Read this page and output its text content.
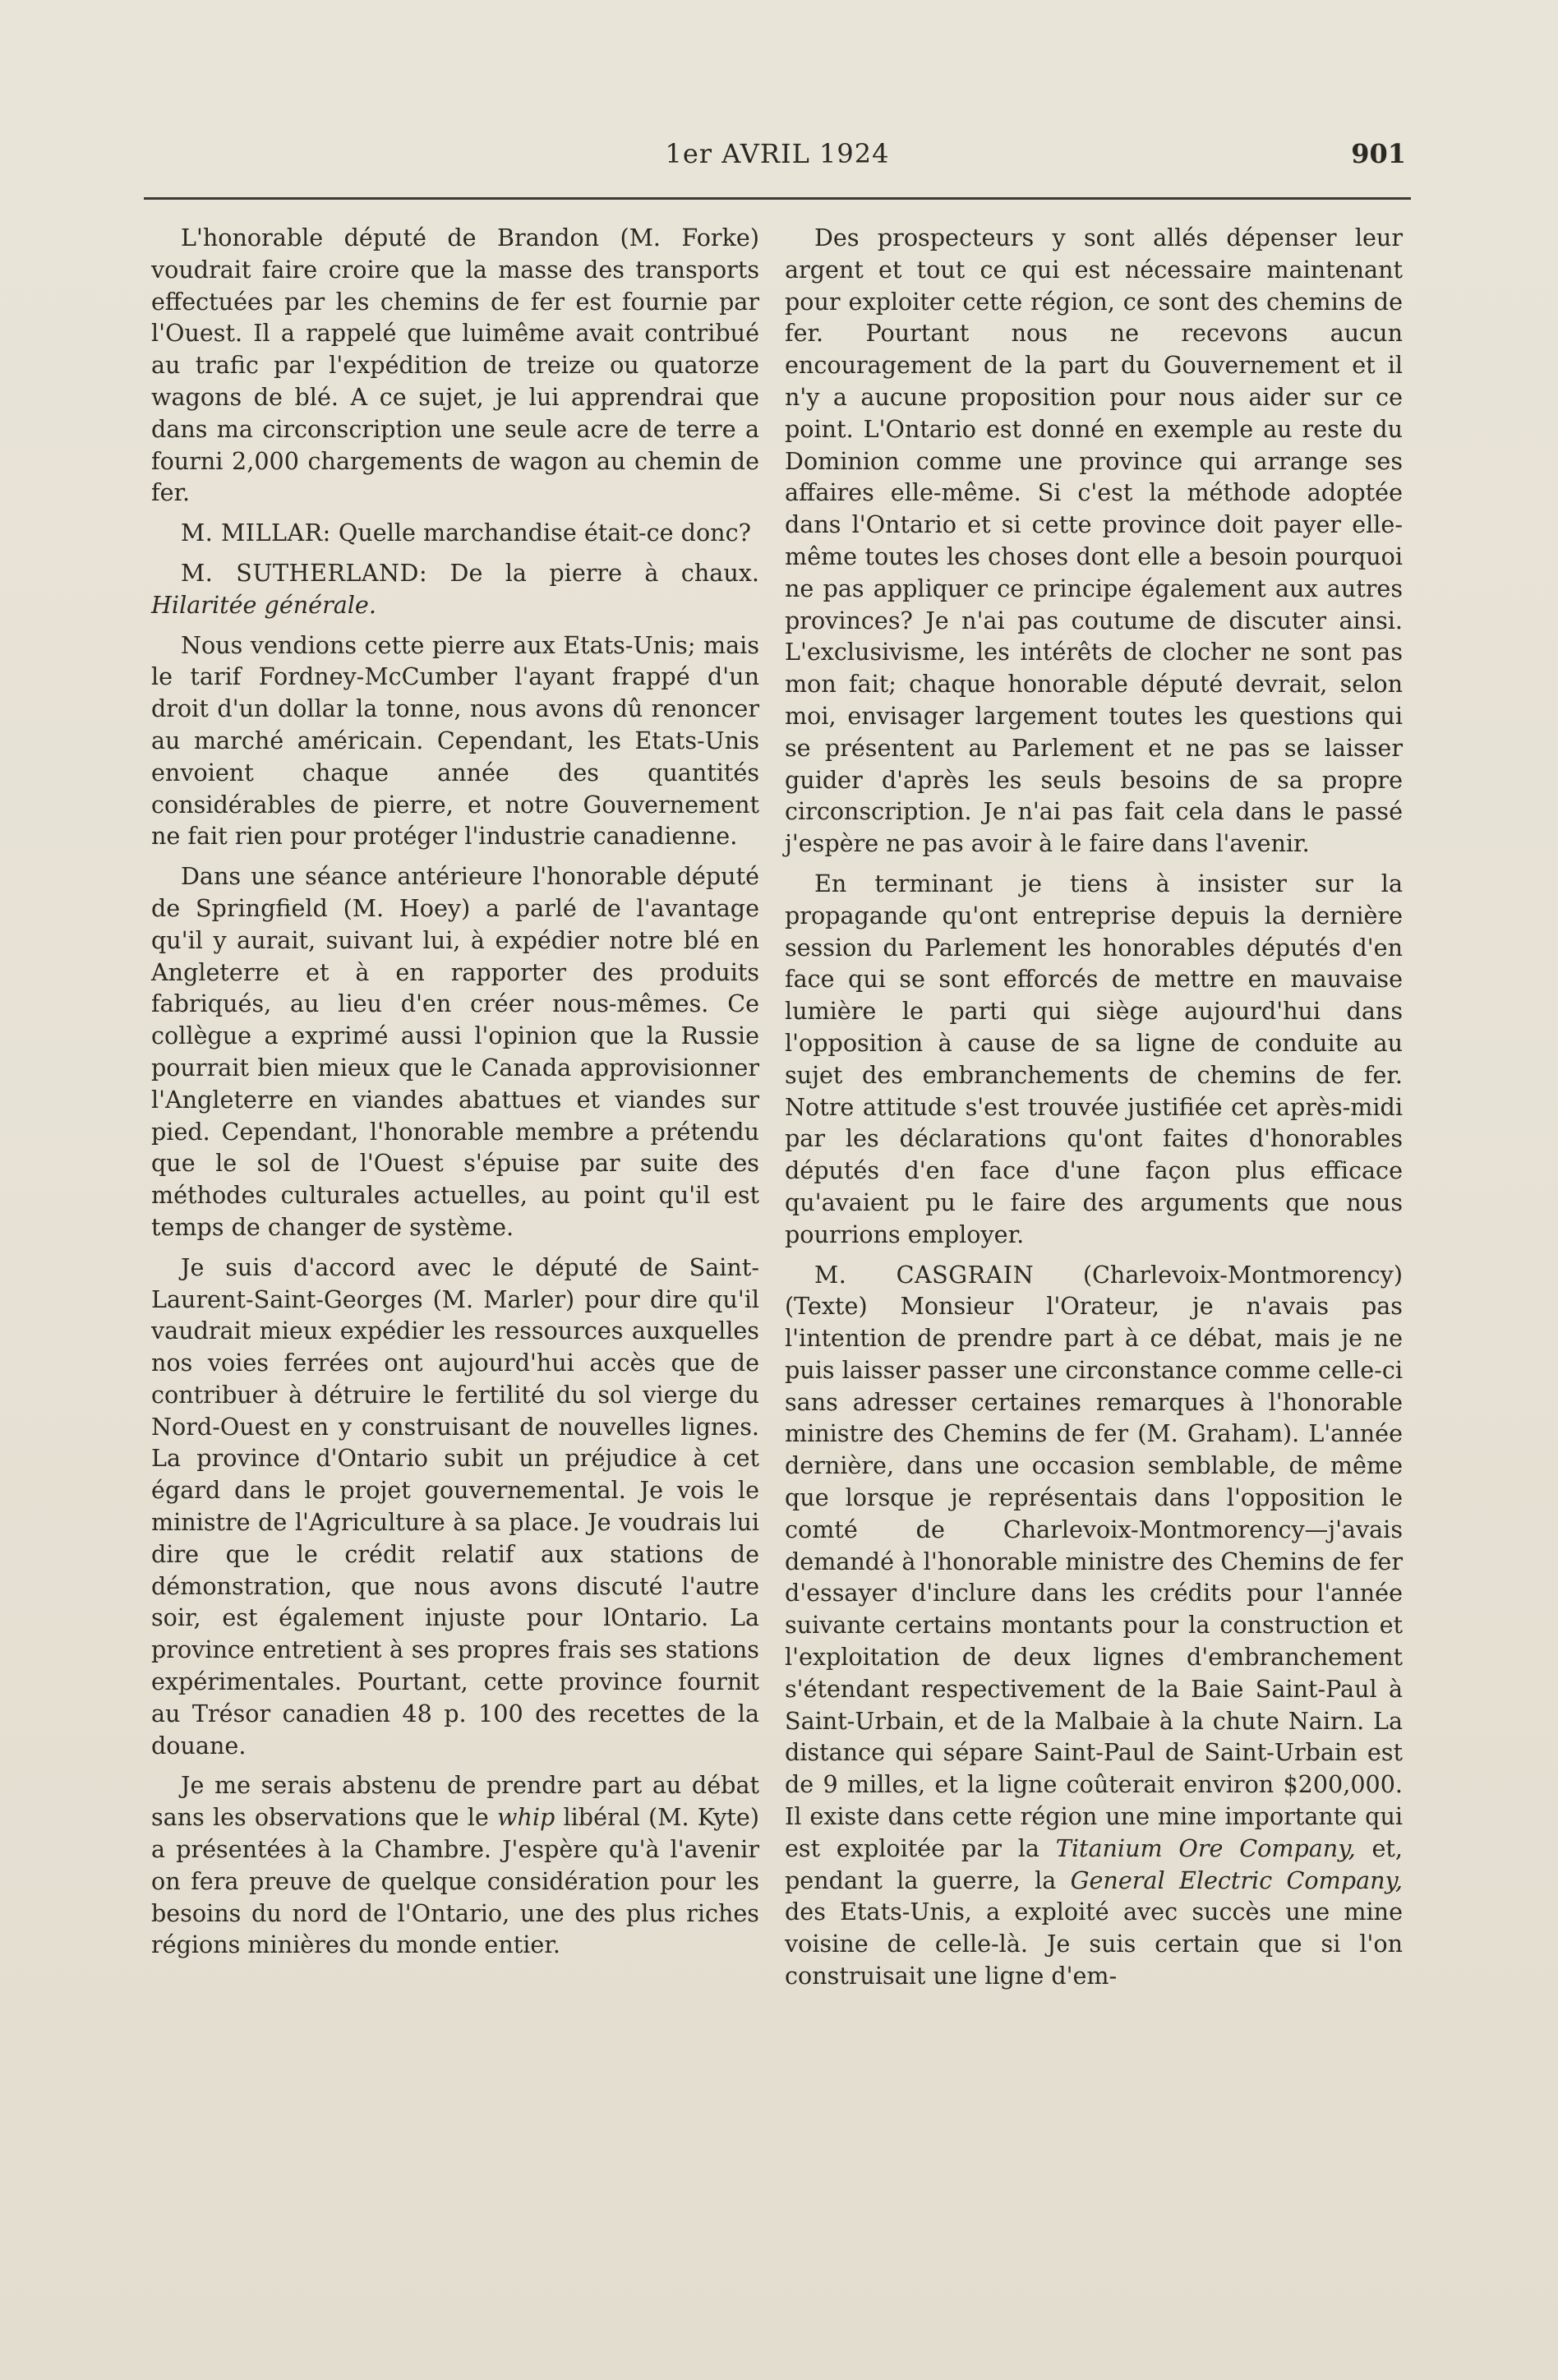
1er AVRIL 1924	901

L'honorable député de Brandon (M. Forke) voudrait faire croire que la masse des transports effectuées par les chemins de fer est fournie par l'Ouest. Il a rappelé que luimême avait contribué au trafic par l'expédition de treize ou quatorze wagons de blé. A ce sujet, je lui apprendrai que dans ma circonscription une seule acre de terre a fourni 2,000 chargements de wagon au chemin de fer.

M. MILLAR: Quelle marchandise était-ce donc?

M. SUTHERLAND: De la pierre à chaux. Hilaritée générale.

Nous vendions cette pierre aux Etats-Unis; mais le tarif Fordney-McCumber l'ayant frappé d'un droit d'un dollar la tonne, nous avons dû renoncer au marché américain. Cependant, les Etats-Unis envoient chaque année des quantités considérables de pierre, et notre Gouvernement ne fait rien pour protéger l'industrie canadienne.

Dans une séance antérieure l'honorable député de Springfield (M. Hoey) a parlé de l'avantage qu'il y aurait, suivant lui, à expédier notre blé en Angleterre et à en rapporter des produits fabriqués, au lieu d'en créer nous-mêmes. Ce collègue a exprimé aussi l'opinion que la Russie pourrait bien mieux que le Canada approvisionner l'Angleterre en viandes abattues et viandes sur pied. Cependant, l'honorable membre a prétendu que le sol de l'Ouest s'épuise par suite des méthodes culturales actuelles, au point qu'il est temps de changer de système.

Je suis d'accord avec le député de Saint-Laurent-Saint-Georges (M. Marler) pour dire qu'il vaudrait mieux expédier les ressources auxquelles nos voies ferrées ont aujourd'hui accès que de contribuer à détruire le fertilité du sol vierge du Nord-Ouest en y construisant de nouvelles lignes. La province d'Ontario subit un préjudice à cet égard dans le projet gouvernemental. Je vois le ministre de l'Agriculture à sa place. Je voudrais lui dire que le crédit relatif aux stations de démonstration, que nous avons discuté l'autre soir, est également injuste pour lOntario. La province entretient à ses propres frais ses stations expérimentales. Pourtant, cette province fournit au Trésor canadien 48 p. 100 des recettes de la douane.

Je me serais abstenu de prendre part au débat sans les observations que le whip libéral (M. Kyte) a présentées à la Chambre. J'espère qu'à l'avenir on fera preuve de quelque considération pour les besoins du nord de l'Ontario, une des plus riches régions minières du monde entier.

Des prospecteurs y sont allés dépenser leur argent et tout ce qui est nécessaire maintenant pour exploiter cette région, ce sont des chemins de fer. Pourtant nous ne recevons aucun encouragement de la part du Gouvernement et il n'y a aucune proposition pour nous aider sur ce point. L'Ontario est donné en exemple au reste du Dominion comme une province qui arrange ses affaires elle-même. Si c'est la méthode adoptée dans l'Ontario et si cette province doit payer elle-même toutes les choses dont elle a besoin pourquoi ne pas appliquer ce principe également aux autres provinces? Je n'ai pas coutume de discuter ainsi. L'exclusivisme, les intérêts de clocher ne sont pas mon fait; chaque honorable député devrait, selon moi, envisager largement toutes les questions qui se présentent au Parlement et ne pas se laisser guider d'après les seuls besoins de sa propre circonscription. Je n'ai pas fait cela dans le passé j'espère ne pas avoir à le faire dans l'avenir.

En terminant je tiens à insister sur la propagande qu'ont entreprise depuis la dernière session du Parlement les honorables députés d'en face qui se sont efforcés de mettre en mauvaise lumière le parti qui siège aujourd'hui dans l'opposition à cause de sa ligne de conduite au sujet des embranchements de chemins de fer. Notre attitude s'est trouvée justifiée cet après-midi par les déclarations qu'ont faites d'honorables députés d'en face d'une façon plus efficace qu'avaient pu le faire des arguments que nous pourrions employer.

M. CASGRAIN (Charlevoix-Montmorency) (Texte) Monsieur l'Orateur, je n'avais pas l'intention de prendre part à ce débat, mais je ne puis laisser passer une circonstance comme celle-ci sans adresser certaines remarques à l'honorable ministre des Chemins de fer (M. Graham). L'année dernière, dans une occasion semblable, de même que lorsque je représentais dans l'opposition le comté de Charlevoix-Montmorency—j'avais demandé à l'honorable ministre des Chemins de fer d'essayer d'inclure dans les crédits pour l'année suivante certains montants pour la construction et l'exploitation de deux lignes d'embranchement s'étendant respectivement de la Baie Saint-Paul à Saint-Urbain, et de la Malbaie à la chute Nairn. La distance qui sépare Saint-Paul de Saint-Urbain est de 9 milles, et la ligne coûterait environ $200,000. Il existe dans cette région une mine importante qui est exploitée par la Titanium Ore Company, et, pendant la guerre, la General Electric Company, des Etats-Unis, a exploité avec succès une mine voisine de celle-là. Je suis certain que si l'on construisait une ligne d'em-
